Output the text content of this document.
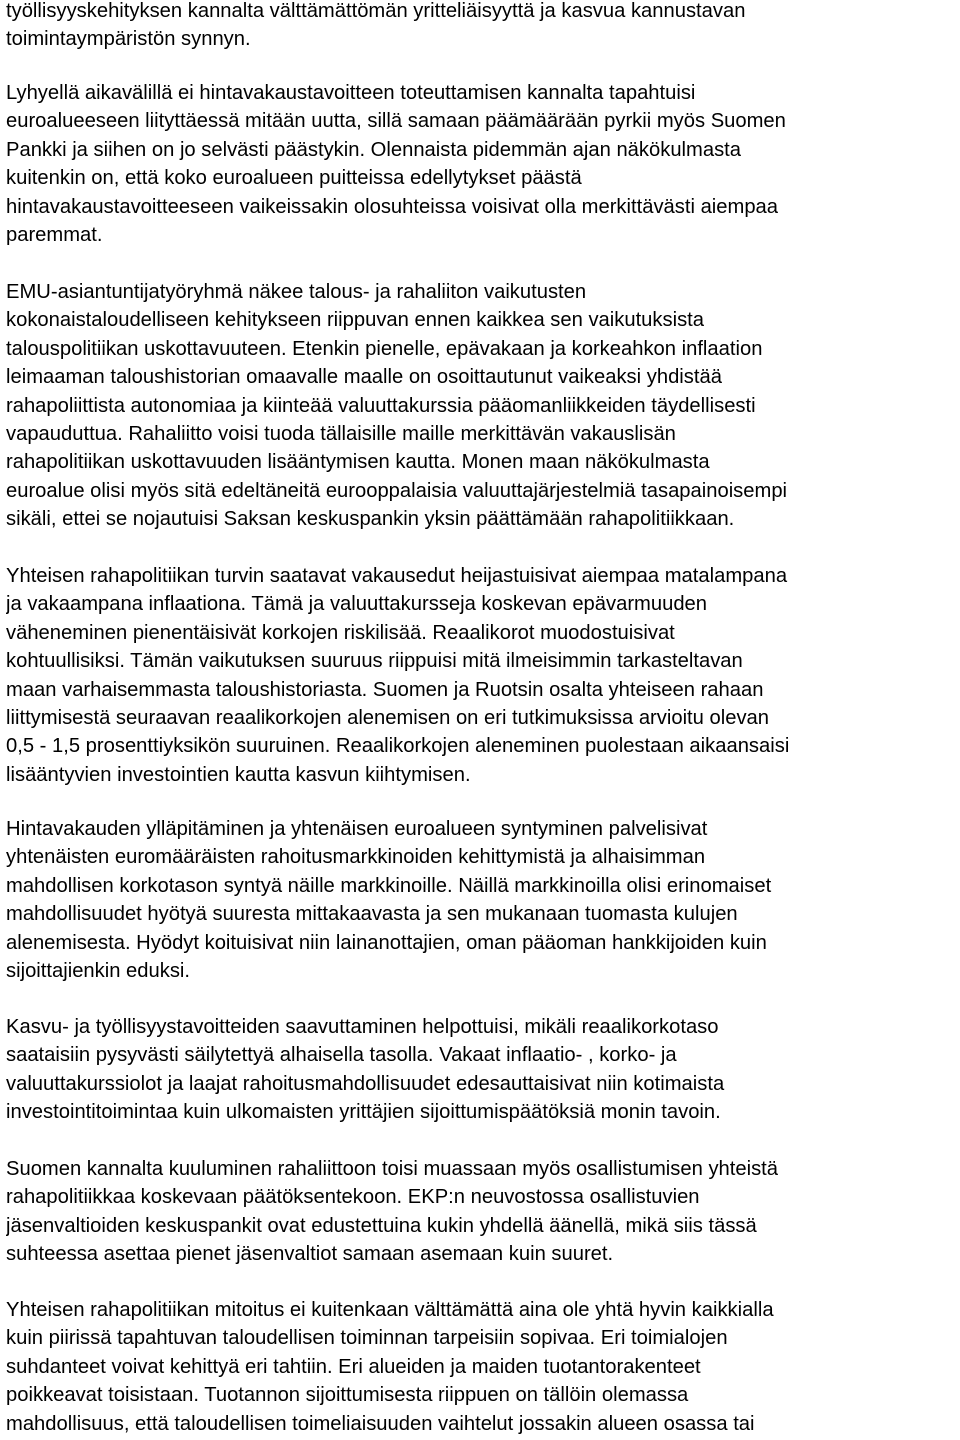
työllisyyskehityksen kannalta välttämättömän yritteliäisyyttä ja kasvua kannustavan
toimintaympäristön synnyn.

Lyhyellä aikavälillä ei hintavakaustavoitteen toteuttamisen kannalta tapahtuisi
euroalueeseen liityttäessä mitään uutta, sillä samaan päämäärään pyrkii myös Suomen
Pankki ja siihen on jo selvästi päästykin. Olennaista pidemmän ajan näkökulmasta
kuitenkin on, että koko euroalueen puitteissa edellytykset päästä
hintavakaustavoitteeseen vaikeissakin olosuhteissa voisivat olla merkittävästi aiempaa
paremmat.

EMU-asiantuntijatyöryhmä näkee talous- ja rahaliiton vaikutusten
kokonaistaloudelliseen kehitykseen riippuvan ennen kaikkea sen vaikutuksista
talouspolitiikan uskottavuuteen. Etenkin pienelle, epävakaan ja korkeahkon inflaation
leimaaman taloushistorian omaavalle maalle on osoittautunut vaikeaksi yhdistää
rahapoliittista autonomiaa ja kiinteää valuuttakurssia pääomanliikkeiden täydellisesti
vapauduttua. Rahaliitto voisi tuoda tällaisille maille merkittävän vakauslisän
rahapolitiikan uskottavuuden lisääntymisen kautta. Monen maan näkökulmasta
euroalue olisi myös sitä edeltäneitä eurooppalaisia valuuttajärjestelmiä tasapainoisempi
sikäli, ettei se nojautuisi Saksan keskuspankin yksin päättämään rahapolitiikkaan.

Yhteisen rahapolitiikan turvin saatavat vakausedut heijastuisivat aiempaa matalampana
ja vakaampana inflaationa. Tämä ja valuuttakursseja koskevan epävarmuuden
väheneminen pienentäisivät korkojen riskilisää. Reaalikorot muodostuisivat
kohtuullisiksi. Tämän vaikutuksen suuruus riippuisi mitä ilmeisimmin tarkasteltavan
maan varhaisemmasta taloushistoriasta. Suomen ja Ruotsin osalta yhteiseen rahaan
liittymisestä seuraavan reaalikorkojen alenemisen on eri tutkimuksissa arvioitu olevan
0,5 - 1,5 prosenttiyksikön suuruinen. Reaalikorkojen aleneminen puolestaan aikaansaisi
lisääntyvien investointien kautta kasvun kiihtymisen.

Hintavakauden ylläpitäminen ja yhtenäisen euroalueen syntyminen palvelisivat
yhtenäisten euromääräisten rahoitusmarkkinoiden kehittymistä ja alhaisimman
mahdollisen korkotason syntyä näille markkinoille. Näillä markkinoilla olisi erinomaiset
mahdollisuudet hyötyä suuresta mittakaavasta ja sen mukanaan tuomasta kulujen
alenemisesta. Hyödyt koituisivat niin lainanottajien, oman pääoman hankkijoiden kuin
sijoittajienkin eduksi.

Kasvu- ja työllisyystavoitteiden saavuttaminen helpottuisi, mikäli reaalikorkotaso
saataisiin pysyvästi säilytettyä alhaisella tasolla. Vakaat inflaatio- , korko- ja
valuuttakurssiolot ja laajat rahoitusmahdollisuudet edesauttaisivat niin kotimaista
investointitoimintaa kuin ulkomaisten yrittäjien sijoittumispäätöksiä monin tavoin.

Suomen kannalta kuuluminen rahaliittoon toisi muassaan myös osallistumisen yhteistä
rahapolitiikkaa koskevaan päätöksentekoon. EKP:n neuvostossa osallistuvien
jäsenvaltioiden keskuspankit ovat edustettuina kukin yhdellä äänellä, mikä siis tässä
suhteessa asettaa pienet jäsenvaltiot samaan asemaan kuin suuret.

Yhteisen rahapolitiikan mitoitus ei kuitenkaan välttämättä aina ole yhtä hyvin kaikkialla
kuin piirissä tapahtuvan taloudellisen toiminnan tarpeisiin sopivaa. Eri toimialojen
suhdanteet voivat kehittyä eri tahtiin. Eri alueiden ja maiden tuotantorakenteet
poikkeavat toisistaan. Tuotannon sijoittumisesta riippuen on tällöin olemassa
mahdollisuus, että taloudellisen toimeliaisuuden vaihtelut jossakin alueen osassa tai
